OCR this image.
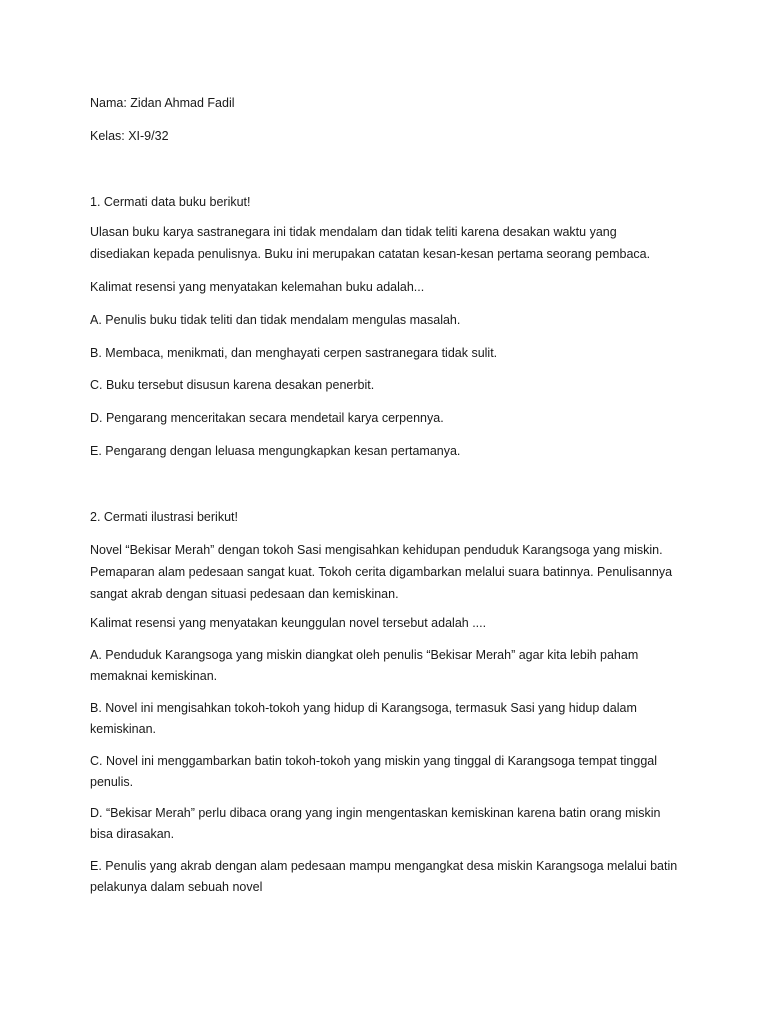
Nama: Zidan Ahmad Fadil

Kelas: XI-9/32

1. Cermati data buku berikut!

Ulasan buku karya sastranegara ini tidak mendalam dan tidak teliti karena desakan waktu yang

disediakan kepada penulisnya. Buku ini merupakan catatan kesan-kesan pertama seorang pembaca.

Kalimat resensi yang menyatakan kelemahan buku adalah...

A. Penulis buku tidak teliti dan tidak mendalam mengulas masalah.

B. Membaca, menikmati, dan menghayati cerpen sastranegara tidak sulit.

C. Buku tersebut disusun karena desakan penerbit.

D. Pengarang menceritakan secara mendetail karya cerpennya.

E. Pengarang dengan leluasa mengungkapkan kesan pertamanya.

2. Cermati ilustrasi berikut!

Novel “Bekisar Merah” dengan tokoh Sasi mengisahkan kehidupan penduduk Karangsoga yang miskin.

Pemaparan alam pedesaan sangat kuat. Tokoh cerita digambarkan melalui suara batinnya. Penulisannya

sangat akrab dengan situasi pedesaan dan kemiskinan.

Kalimat resensi yang menyatakan keunggulan novel tersebut adalah ....

A. Penduduk Karangsoga yang miskin diangkat oleh penulis “Bekisar Merah” agar kita lebih paham

memaknai kemiskinan.

B. Novel ini mengisahkan tokoh-tokoh yang hidup di Karangsoga, termasuk Sasi yang hidup dalam

kemiskinan.

C. Novel ini menggambarkan batin tokoh-tokoh yang miskin yang tinggal di Karangsoga tempat tinggal

penulis.

D. “Bekisar Merah” perlu dibaca orang yang ingin mengentaskan kemiskinan karena batin orang miskin

bisa dirasakan.

E. Penulis yang akrab dengan alam pedesaan mampu mengangkat desa miskin Karangsoga melalui batin

pelakunya dalam sebuah novel
